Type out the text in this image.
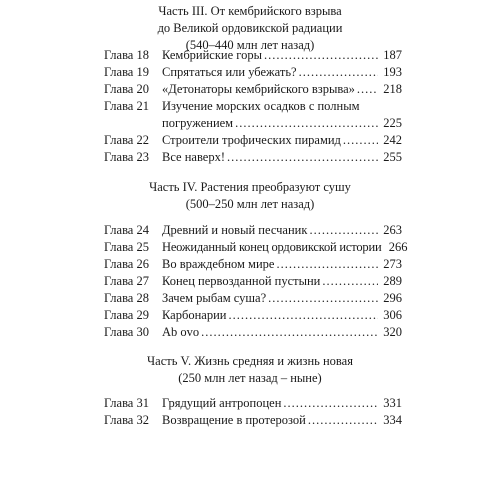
Часть III. От кембрийского взрыва
до Великой ордовикской радиации
(540–440 млн лет назад)
Глава 18	Кембрийские горы .....	187
Глава 19	Спрятаться или убежать? .....	193
Глава 20	«Детонаторы кембрийского взрыва» ..... 218
Глава 21	Изучение морских осадков с полным
погружением .....	225
Глава 22	Строители трофических пирамид .....	242
Глава 23	Все наверх! .....	255
Часть IV. Растения преобразуют сушу
(500–250 млн лет назад)
Глава 24	Древний и новый песчаник .....	263
Глава 25	Неожиданный конец ордовикской истории 266
Глава 26	Во враждебном мире .....	273
Глава 27	Конец первозданной пустыни .....	289
Глава 28	Зачем рыбам суша? .....	296
Глава 29	Карбонарии .....	306
Глава 30	Ab ovo .....	320
Часть V. Жизнь средняя и жизнь новая
(250 млн лет назад – ныне)
Глава 31	Грядущий антропоцен .....	331
Глава 32	Возвращение в протерозой .....	334
